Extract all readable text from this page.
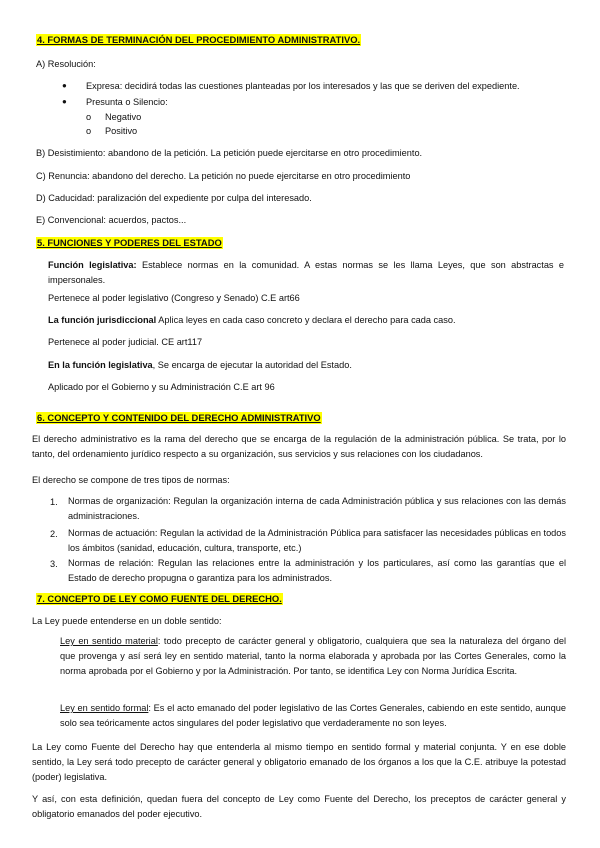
4. FORMAS DE TERMINACIÓN DEL PROCEDIMIENTO ADMINISTRATIVO.
A) Resolución:
● Expresa: decidirá todas las cuestiones planteadas por los interesados y las que se deriven del expediente.
● Presunta o Silencio:
o Negativo
o Positivo
B) Desistimiento: abandono de la petición. La petición puede ejercitarse en otro procedimiento.
C) Renuncia: abandono del derecho. La petición no puede ejercitarse en otro procedimiento
D) Caducidad: paralización del expediente por culpa del interesado.
E) Convencional: acuerdos, pactos...
5. FUNCIONES Y PODERES DEL ESTADO
Función legislativa: Establece normas en la comunidad. A estas normas se les llama Leyes, que son abstractas e impersonales.
Pertenece al poder legislativo (Congreso y Senado) C.E art66
La función jurisdiccional Aplica leyes en cada caso concreto y declara el derecho para cada caso.
Pertenece al poder judicial. CE art117
En la función legislativa, Se encarga de ejecutar la autoridad del Estado.
Aplicado por el Gobierno y su Administración C.E art 96
6. CONCEPTO Y CONTENIDO DEL DERECHO ADMINISTRATIVO
El derecho administrativo es la rama del derecho que se encarga de la regulación de la administración pública. Se trata, por lo tanto, del ordenamiento jurídico respecto a su organización, sus servicios y sus relaciones con los ciudadanos.
El derecho se compone de tres tipos de normas:
1. Normas de organización: Regulan la organización interna de cada Administración pública y sus relaciones con las demás administraciones.
2. Normas de actuación: Regulan la actividad de la Administración Pública para satisfacer las necesidades públicas en todos los ámbitos (sanidad, educación, cultura, transporte, etc.)
3. Normas de relación: Regulan las relaciones entre la administración y los particulares, así como las garantías que el Estado de derecho propugna o garantiza para los administrados.
7. CONCEPTO DE LEY COMO FUENTE DEL DERECHO.
La Ley puede entenderse en un doble sentido:
Ley en sentido material: todo precepto de carácter general y obligatorio, cualquiera que sea la naturaleza del órgano del que provenga y así será ley en sentido material, tanto la norma elaborada y aprobada por las Cortes Generales, como la norma aprobada por el Gobierno y por la Administración. Por tanto, se identifica Ley con Norma Jurídica Escrita.
Ley en sentido formal: Es el acto emanado del poder legislativo de las Cortes Generales, cabiendo en este sentido, aunque solo sea teóricamente actos singulares del poder legislativo que verdaderamente no son leyes.
La Ley como Fuente del Derecho hay que entenderla al mismo tiempo en sentido formal y material conjunta. Y en ese doble sentido, la Ley será todo precepto de carácter general y obligatorio emanado de los órganos a los que la C.E. atribuye la potestad (poder) legislativa.
Y así, con esta definición, quedan fuera del concepto de Ley como Fuente del Derecho, los preceptos de carácter general y obligatorio emanados del poder ejecutivo.
